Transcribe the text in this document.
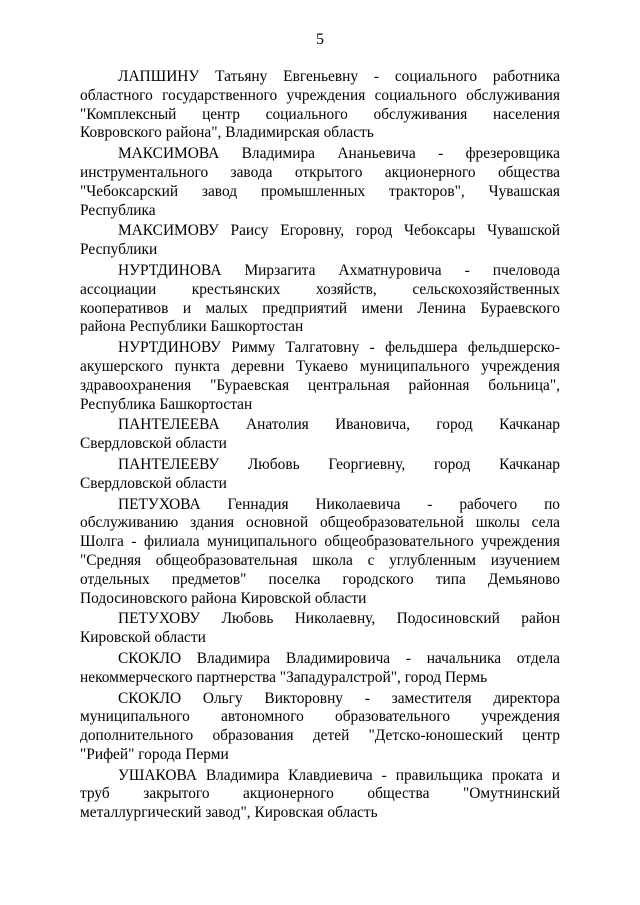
5
ЛАПШИНУ Татьяну Евгеньевну - социального работника
областного государственного учреждения социального обслуживания
"Комплексный центр социального обслуживания населения
Ковровского района", Владимирская область
МАКСИМОВА Владимира Ананьевича - фрезеровщика
инструментального завода открытого акционерного общества
"Чебоксарский завод промышленных тракторов", Чувашская
Республика
МАКСИМОВУ Раису Егоровну, город Чебоксары Чувашской
Республики
НУРТДИНОВА Мирзагита Ахматнуровича - пчеловода
ассоциации крестьянских хозяйств, сельскохозяйственных
кооперативов и малых предприятий имени Ленина Бураевского
района Республики Башкортостан
НУРТДИНОВУ Римму Талгатовну - фельдшера фельдшерско-
акушерского пункта деревни Тукаево муниципального учреждения
здравоохранения "Бураевская центральная районная больница",
Республика Башкортостан
ПАНТЕЛЕЕВА Анатолия Ивановича, город Качканар
Свердловской области
ПАНТЕЛЕЕВУ Любовь Георгиевну, город Качканар
Свердловской области
ПЕТУХОВА Геннадия Николаевича - рабочего по
обслуживанию здания основной общеобразовательной школы села
Шолга - филиала муниципального общеобразовательного учреждения
"Средняя общеобразовательная школа с углубленным изучением
отдельных предметов" поселка городского типа Демьяново
Подосиновского района Кировской области
ПЕТУХОВУ Любовь Николаевну, Подосиновский район
Кировской области
СКОКЛО Владимира Владимировича - начальника отдела
некоммерческого партнерства "Западуралстрой", город Пермь
СКОКЛО Ольгу Викторовну - заместителя директора
муниципального автономного образовательного учреждения
дополнительного образования детей "Детско-юношеский центр
"Рифей" города Перми
УШАКОВА Владимира Клавдиевича - правильщика проката и
труб закрытого акционерного общества "Омутнинский
металлургический завод", Кировская область
